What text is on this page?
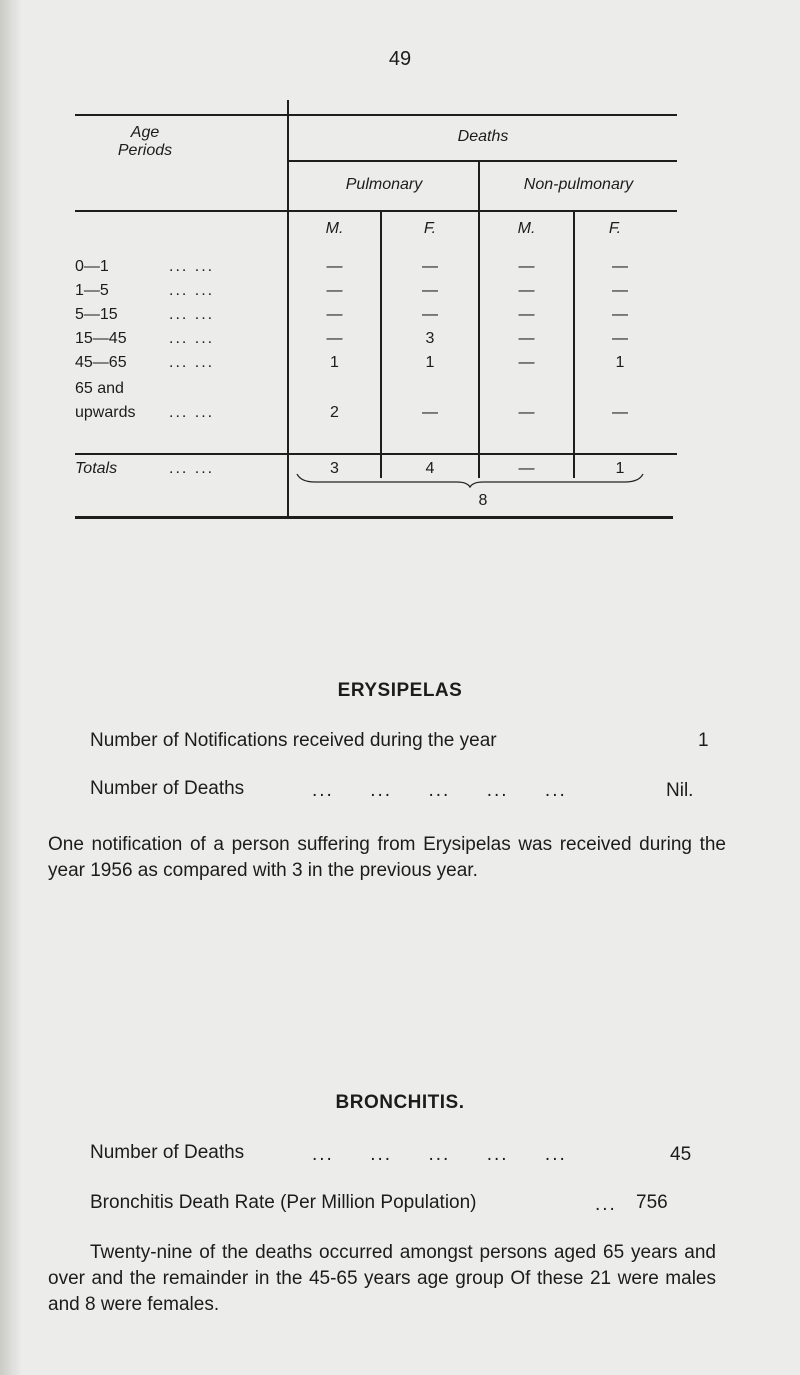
49
Age
Periods
Deaths
Pulmonary	Non-pulmonary
M.	F.	M.	F.
0—1	... ...	—	—	—	—
1—5	... ...	—	—	—	—
5—15	... ...	—	—	—	—
15—45	... ...	—	3	—	—
45—65	... ...	1	1	—	1
65 and
upwards ... ...	2	—	—	—
Totals	... ...	3	4	—	1
8
ERYSIPELAS
Number of Notifications received during the year	1
Number of Deaths	...     ...     ...     ...     ...	Nil.
One notification of a person suffering from Erysipelas was received during the year 1956 as compared with 3 in the previous year.
BRONCHITIS.
Number of Deaths	...     ...     ...     ...     ...	45
Bronchitis Death Rate (Per Million Population)	... 756
Twenty-nine of the deaths occurred amongst persons aged 65 years and over and the remainder in the 45-65 years age group Of these 21 were males and 8 were females.
